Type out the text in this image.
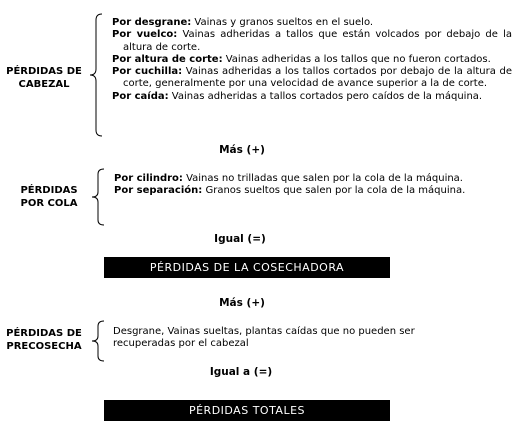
PÉRDIDAS DE
CABEZAL

Por desgrane: Vainas y granos sueltos en el suelo.

Por vuelco: Vainas adheridas a tallos que están volcados por debajo de la altura de corte.

Por altura de corte: Vainas adheridas a los tallos que no fueron cortados.

Por cuchilla: Vainas adheridas a los tallos cortados por debajo de la altura de corte, generalmente por una velocidad de avance superior a la de corte.

Por caída: Vainas adheridas a tallos cortados pero caídos de la máquina.

Más (+)
PÉRDIDAS
POR COLA

Por cilindro: Vainas no trilladas que salen por la cola de la máquina.

Por separación: Granos sueltos que salen por la cola de la máquina.

Igual (=)
PÉRDIDAS DE LA COSECHADORA
Más (+)
PÉRDIDAS DE
PRECOSECHA
Desgrane, Vainas sueltas, plantas caídas que no pueden ser recuperadas por el cabezal
Igual a (=)
PÉRDIDAS TOTALES
